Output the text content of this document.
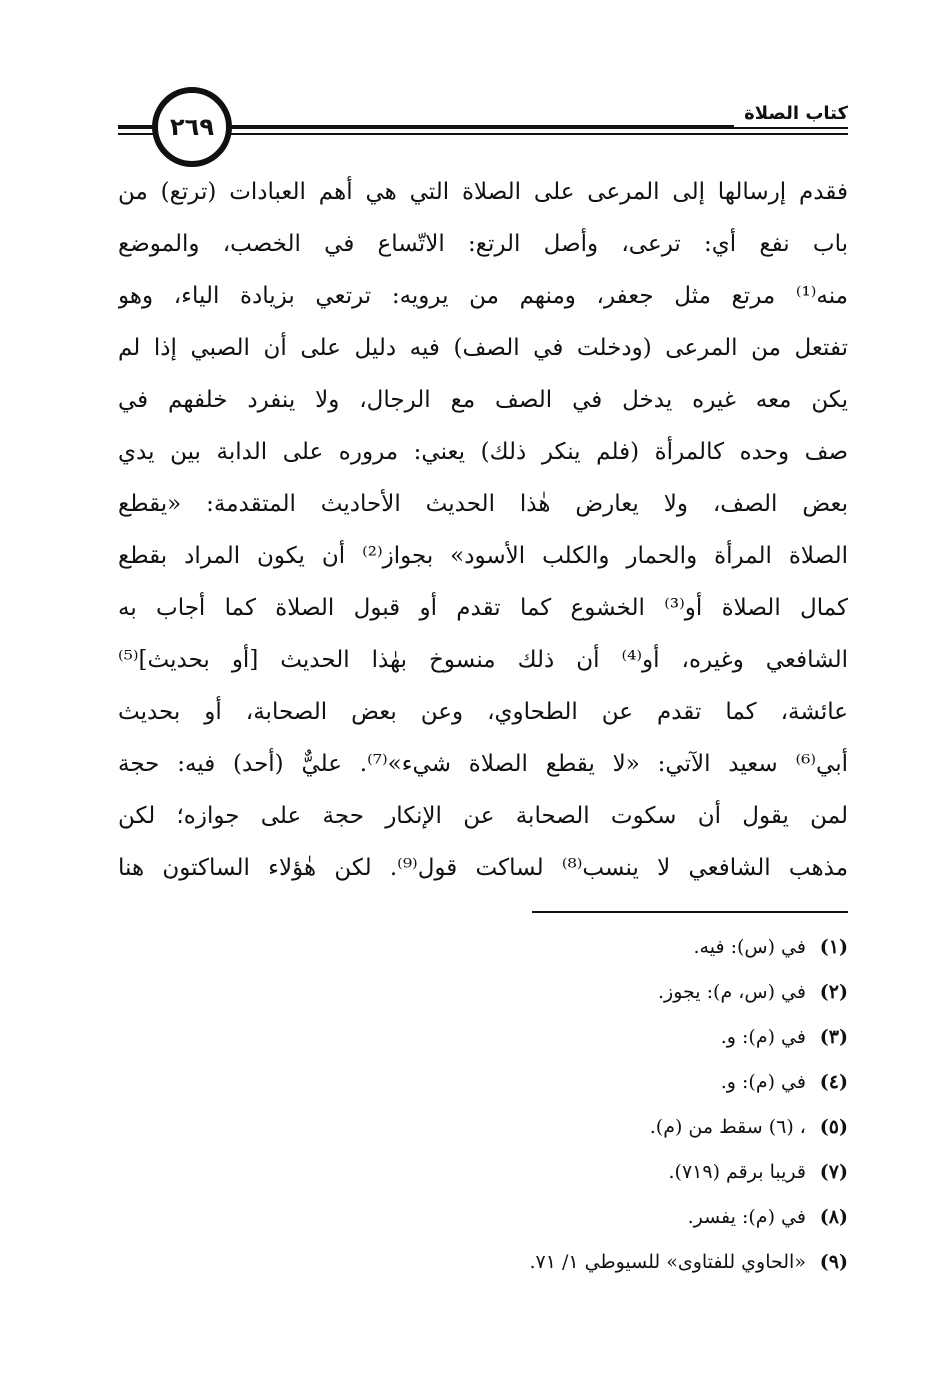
كتاب الصلاة
٢٦٩
فقدم إرسالها إلى المرعى على الصلاة التي هي أهم العبادات (ترتع) من
باب نفع أي: ترعى، وأصل الرتع: الاتّساع في الخصب، والموضع
منه⁽¹⁾ مرتع مثل جعفر، ومنهم من يرويه: ترتعي بزيادة الياء، وهو
تفتعل من المرعى (ودخلت في الصف) فيه دليل على أن الصبي إذا لم
يكن معه غيره يدخل في الصف مع الرجال، ولا ينفرد خلفهم في
صف وحده كالمرأة (فلم ينكر ذلك) يعني: مروره على الدابة بين يدي
بعض الصف، ولا يعارض هٰذا الحديث الأحاديث المتقدمة: «يقطع
الصلاة المرأة والحمار والكلب الأسود» بجواز⁽²⁾ أن يكون المراد بقطع
كمال الصلاة أو⁽³⁾ الخشوع كما تقدم أو قبول الصلاة كما أجاب به
الشافعي وغيره، أو⁽⁴⁾ أن ذلك منسوخ بهٰذا الحديث [أو بحديث]⁽⁵⁾
عائشة، كما تقدم عن الطحاوي، وعن بعض الصحابة، أو بحديث
أبي⁽⁶⁾ سعيد الآتي: «لا يقطع الصلاة شيء»⁽⁷⁾. عليٌّ (أحد) فيه: حجة
لمن يقول أن سكوت الصحابة عن الإنكار حجة على جوازه؛ لكن
مذهب الشافعي لا ينسب⁽⁸⁾ لساكت قول⁽⁹⁾. لكن هٰؤلاء الساكتون هنا
(١) في (س): فيه.
(٢) في (س، م): يجوز.
(٣) في (م): و.
(٤) في (م): و.
(٥) ، (٦) سقط من (م).
(٧) قريبا برقم (٧١٩).
(٨) في (م): يفسر.
(٩) «الحاوي للفتاوى» للسيوطي ١/ ٧١.
